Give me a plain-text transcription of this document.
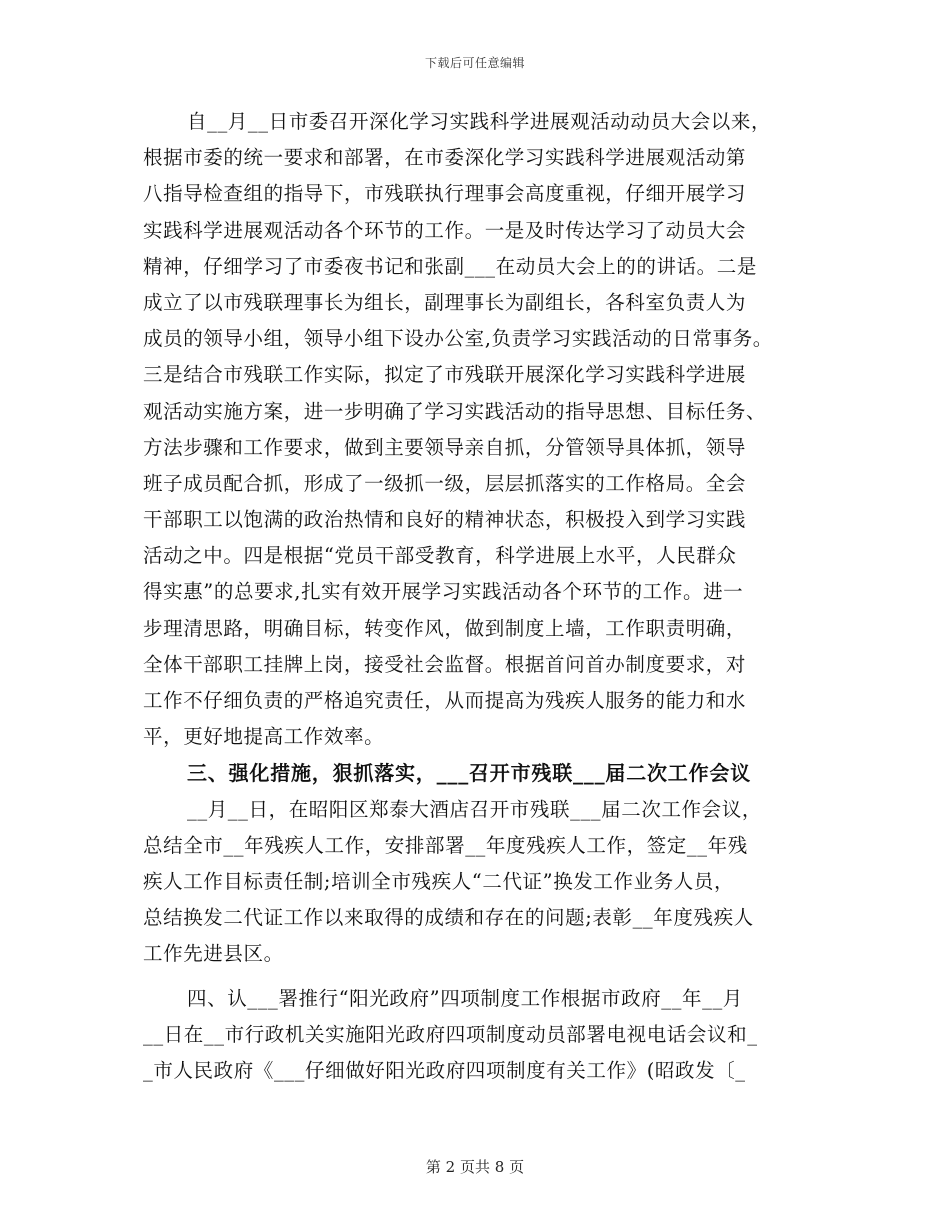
下载后可任意编辑
自__月__日市委召开深化学习实践科学进展观活动动员大会以来，
根据市委的统一要求和部署，在市委深化学习实践科学进展观活动第
八指导检查组的指导下，市残联执行理事会高度重视，仔细开展学习
实践科学进展观活动各个环节的工作。一是及时传达学习了动员大会
精神，仔细学习了市委夜书记和张副___在动员大会上的的讲话。二是
成立了以市残联理事长为组长，副理事长为副组长，各科室负责人为
成员的领导小组，领导小组下设办公室,负责学习实践活动的日常事务。
三是结合市残联工作实际，拟定了市残联开展深化学习实践科学进展
观活动实施方案，进一步明确了学习实践活动的指导思想、目标任务、
方法步骤和工作要求，做到主要领导亲自抓，分管领导具体抓，领导
班子成员配合抓，形成了一级抓一级，层层抓落实的工作格局。全会
干部职工以饱满的政治热情和良好的精神状态，积极投入到学习实践
活动之中。四是根据“党员干部受教育，科学进展上水平，人民群众
得实惠”的总要求,扎实有效开展学习实践活动各个环节的工作。进一
步理清思路，明确目标，转变作风，做到制度上墙，工作职责明确，
全体干部职工挂牌上岗，接受社会监督。根据首问首办制度要求，对
工作不仔细负责的严格追究责任，从而提高为残疾人服务的能力和水
平，更好地提高工作效率。
三、强化措施，狠抓落实，___召开市残联___届二次工作会议
__月__日，在昭阳区郑泰大酒店召开市残联___届二次工作会议，
总结全市__年残疾人工作，安排部署__年度残疾人工作，签定__年残
疾人工作目标责任制;培训全市残疾人“二代证”换发工作业务人员，
总结换发二代证工作以来取得的成绩和存在的问题;表彰__年度残疾人
工作先进县区。
四、认___署推行“阳光政府”四项制度工作根据市政府__年__月
__日在__市行政机关实施阳光政府四项制度动员部署电视电话会议和_
_市人民政府《___仔细做好阳光政府四项制度有关工作》(昭政发〔_
第 2 页共 8 页
